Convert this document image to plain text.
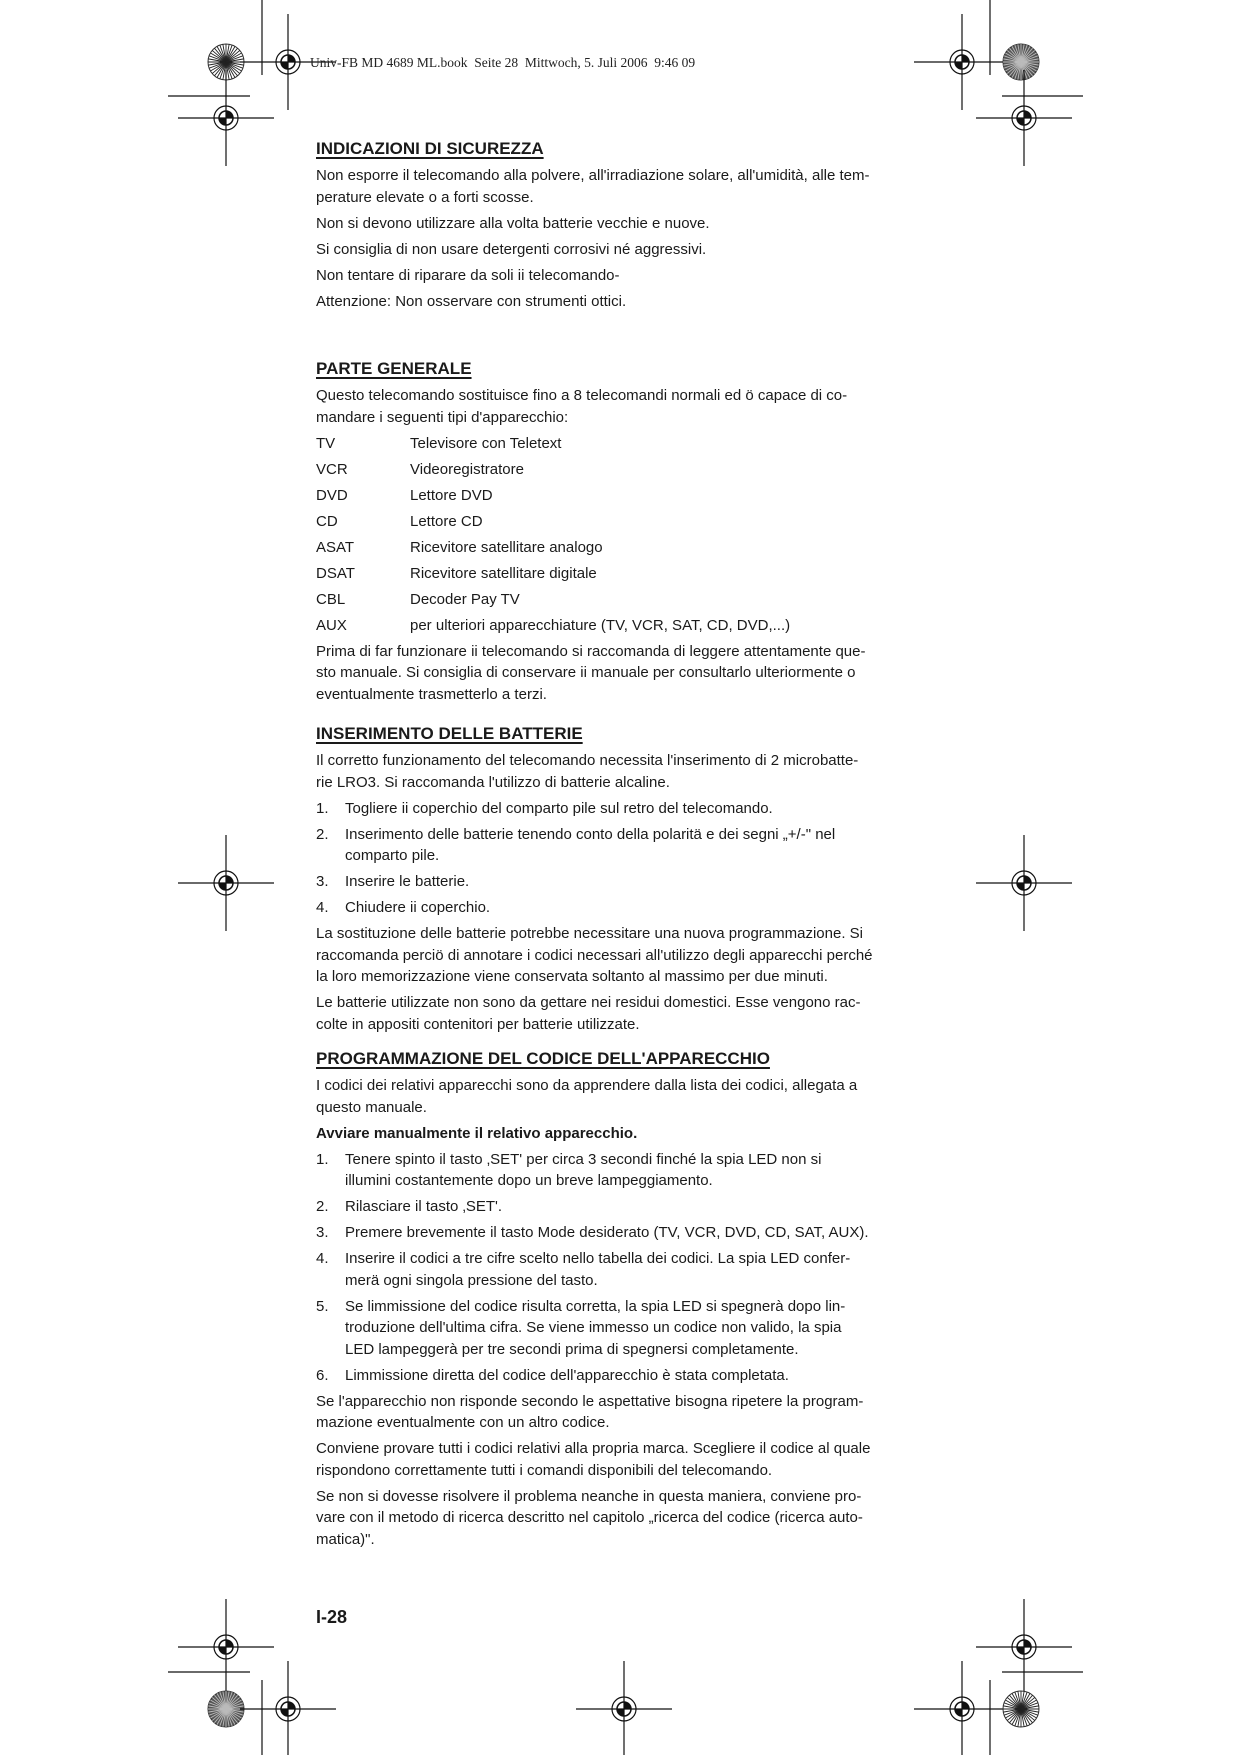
Univ-FB MD 4689 ML.book  Seite 28  Mittwoch, 5. Juli 2006  9:46 09
INDICAZIONI DI SICUREZZA
Non esporre il telecomando alla polvere, all'irradiazione solare, all'umidità, alle tem-
perature elevate o a forti scosse.
Non si devono utilizzare alla volta batterie vecchie e nuove.
Si consiglia di non usare detergenti corrosivi né aggressivi.
Non tentare di riparare da soli ii telecomando-
Attenzione: Non osservare con strumenti ottici.
PARTE GENERALE
Questo telecomando sostituisce fino a 8 telecomandi normali ed ö capace di co-
mandare i seguenti tipi d'apparecchio:
TV	Televisore con Teletext
VCR	Videoregistratore
DVD	Lettore DVD
CD	Lettore CD
ASAT	Ricevitore satellitare analogo
DSAT	Ricevitore satellitare digitale
CBL	Decoder Pay TV
AUX	per ulteriori apparecchiature (TV, VCR, SAT, CD, DVD,...)
Prima di far funzionare ii telecomando si raccomanda di leggere attentamente que-
sto manuale. Si consiglia di conservare ii manuale per consultarlo ulteriormente o
eventualmente trasmetterlo a terzi.
INSERIMENTO DELLE BATTERIE
Il corretto funzionamento del telecomando necessita l'inserimento di 2 microbatte-
rie LRO3. Si raccomanda l'utilizzo di batterie alcaline.
1.	Togliere ii coperchio del comparto pile sul retro del telecomando.
2.	Inserimento delle batterie tenendo conto della polaritä e dei segni „+/-" nel
comparto pile.
3.	Inserire le batterie.
4.	Chiudere ii coperchio.
La sostituzione delle batterie potrebbe necessitare una nuova programmazione. Si
raccomanda perciö di annotare i codici necessari all'utilizzo degli apparecchi perché
la loro memorizzazione viene conservata soltanto al massimo per due minuti.
Le batterie utilizzate non sono da gettare nei residui domestici. Esse vengono rac-
colte in appositi contenitori per batterie utilizzate.
PROGRAMMAZIONE DEL CODICE DELL'APPARECCHIO
I codici dei relativi apparecchi sono da apprendere dalla lista dei codici, allegata a
questo manuale.
Avviare manualmente il relativo apparecchio.
1.	Tenere spinto il tasto ‚SET' per circa 3 secondi finché la spia LED non si
illumini costantemente dopo un breve lampeggiamento.
2.	Rilasciare il tasto ‚SET'.
3.	Premere brevemente il tasto Mode desiderato (TV, VCR, DVD, CD, SAT, AUX).
4.	Inserire il codici a tre cifre scelto nello tabella dei codici. La spia LED confer-
merä ogni singola pressione del tasto.
5.	Se limmissione del codice risulta corretta, la spia LED si spegnerà dopo lin-
troduzione dell'ultima cifra. Se viene immesso un codice non valido, la spia
LED lampeggerà per tre secondi prima di spegnersi completamente.
6.	Limmissione diretta del codice dell'apparecchio è stata completata.
Se l'apparecchio non risponde secondo le aspettative bisogna ripetere la program-
mazione eventualmente con un altro codice.
Conviene provare tutti i codici relativi alla propria marca. Scegliere il codice al quale
rispondono correttamente tutti i comandi disponibili del telecomando.
Se non si dovesse risolvere il problema neanche in questa maniera, conviene pro-
vare con il metodo di ricerca descritto nel capitolo „ricerca del codice (ricerca auto-
matica)".
I-28
